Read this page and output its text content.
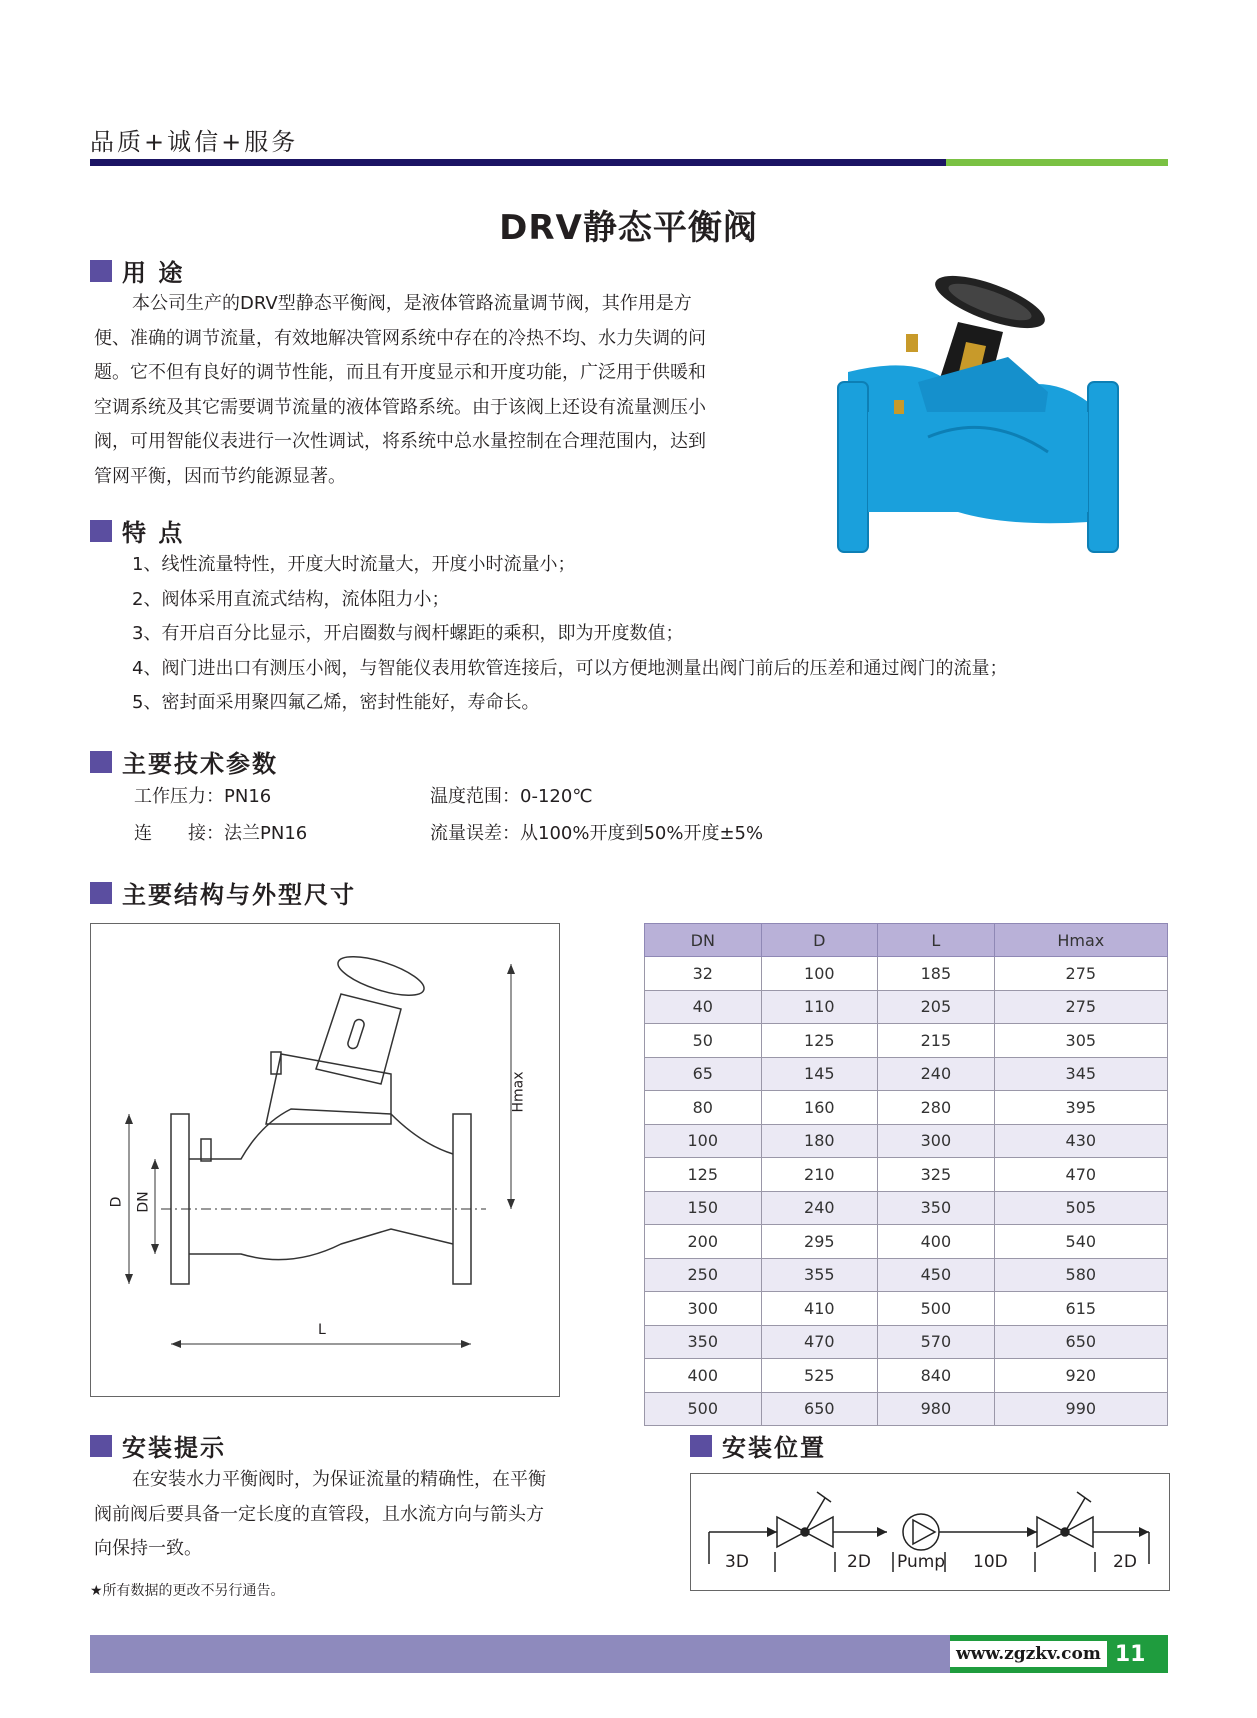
品质+诚信+服务
DRV静态平衡阀
用 途
本公司生产的DRV型静态平衡阀，是液体管路流量调节阀，其作用是方
便、准确的调节流量，有效地解决管网系统中存在的冷热不均、水力失调的问
题。它不但有良好的调节性能，而且有开度显示和开度功能，广泛用于供暖和
空调系统及其它需要调节流量的液体管路系统。由于该阀上还设有流量测压小
阀，可用智能仪表进行一次性调试，将系统中总水量控制在合理范围内，达到
管网平衡，因而节约能源显著。
特 点
1、线性流量特性，开度大时流量大，开度小时流量小；
2、阀体采用直流式结构，流体阻力小；
3、有开启百分比显示，开启圈数与阀杆螺距的乘积，即为开度数值；
4、阀门进出口有测压小阀，与智能仪表用软管连接后，可以方便地测量出阀门前后的压差和通过阀门的流量；
5、密封面采用聚四氟乙烯，密封性能好，寿命长。
主要技术参数
工作压力：PN16	温度范围：0-120℃
连　　接：法兰PN16	流量误差：从100%开度到50%开度±5%
主要结构与外型尺寸
Hmax
D DN
L
DN	D	L	Hmax
32	100	185	275
40	110	205	275
50	125	215	305
65	145	240	345
80	160	280	395
100	180	300	430
125	210	325	470
150	240	350	505
200	295	400	540
250	355	450	580
300	410	500	615
350	470	570	650
400	525	840	920
500	650	980	990
安装提示
在安装水力平衡阀时，为保证流量的精确性，在平衡
阀前阀后要具备一定长度的直管段，且水流方向与箭头方
向保持一致。
★所有数据的更改不另行通告。
安装位置
3D	2D Pump 10D	2D
www.zgzkv.com
- 11 -
